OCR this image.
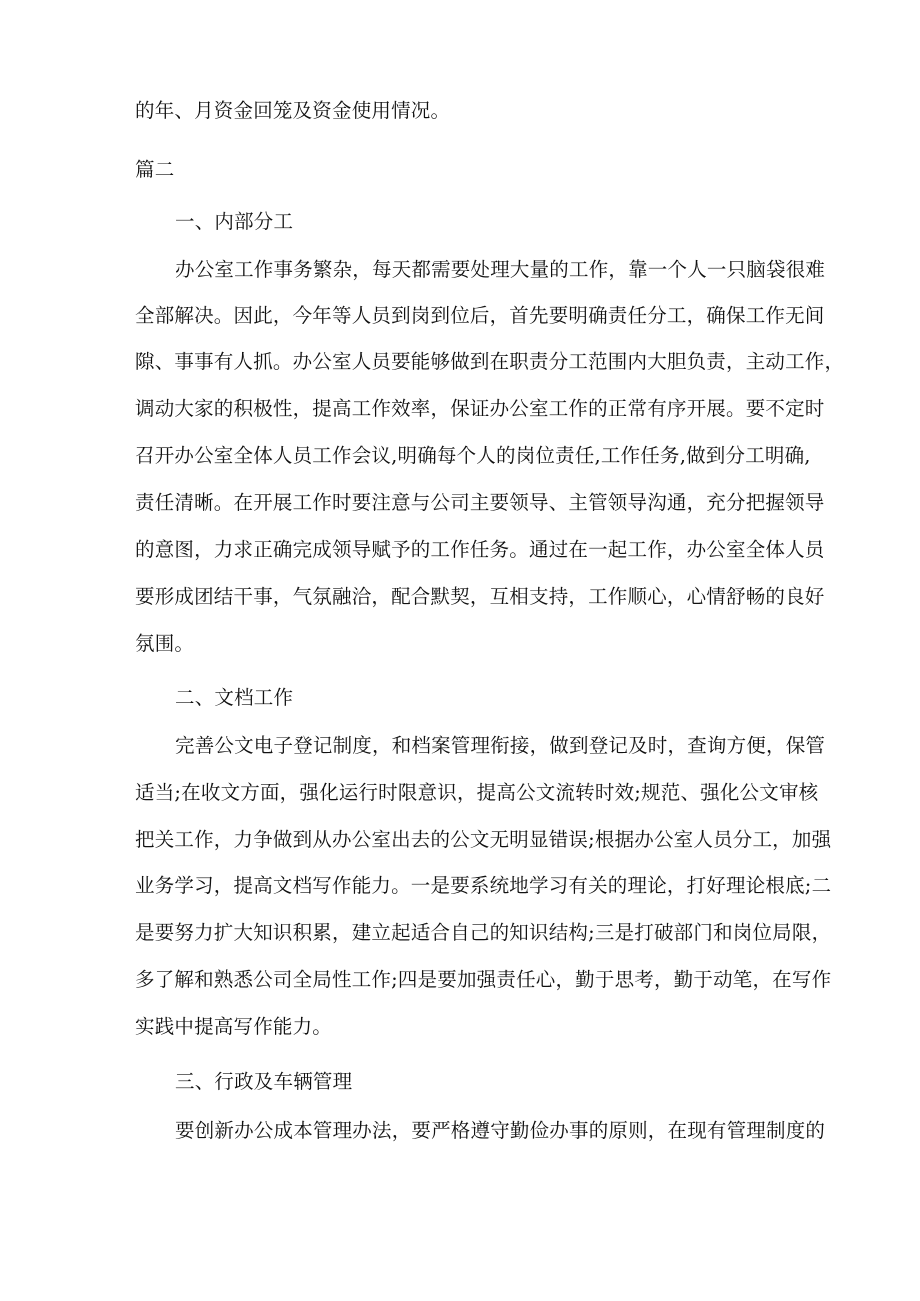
的年、月资金回笼及资金使用情况。
篇二
一、内部分工
办公室工作事务繁杂，每天都需要处理大量的工作，靠一个人一只脑袋很难
全部解决。因此，今年等人员到岗到位后，首先要明确责任分工，确保工作无间
隙、事事有人抓。办公室人员要能够做到在职责分工范围内大胆负责，主动工作，
调动大家的积极性，提高工作效率，保证办公室工作的正常有序开展。要不定时
召开办公室全体人员工作会议,明确每个人的岗位责任,工作任务,做到分工明确,
责任清晰。在开展工作时要注意与公司主要领导、主管领导沟通，充分把握领导
的意图，力求正确完成领导赋予的工作任务。通过在一起工作，办公室全体人员
要形成团结干事，气氛融洽，配合默契，互相支持，工作顺心，心情舒畅的良好
氛围。
二、文档工作
完善公文电子登记制度，和档案管理衔接，做到登记及时，查询方便，保管
适当;在收文方面，强化运行时限意识，提高公文流转时效;规范、强化公文审核
把关工作，力争做到从办公室出去的公文无明显错误;根据办公室人员分工，加强
业务学习，提高文档写作能力。一是要系统地学习有关的理论，打好理论根底;二
是要努力扩大知识积累，建立起适合自己的知识结构;三是打破部门和岗位局限，
多了解和熟悉公司全局性工作;四是要加强责任心，勤于思考，勤于动笔，在写作
实践中提高写作能力。
三、行政及车辆管理
要创新办公成本管理办法，要严格遵守勤俭办事的原则，在现有管理制度的
